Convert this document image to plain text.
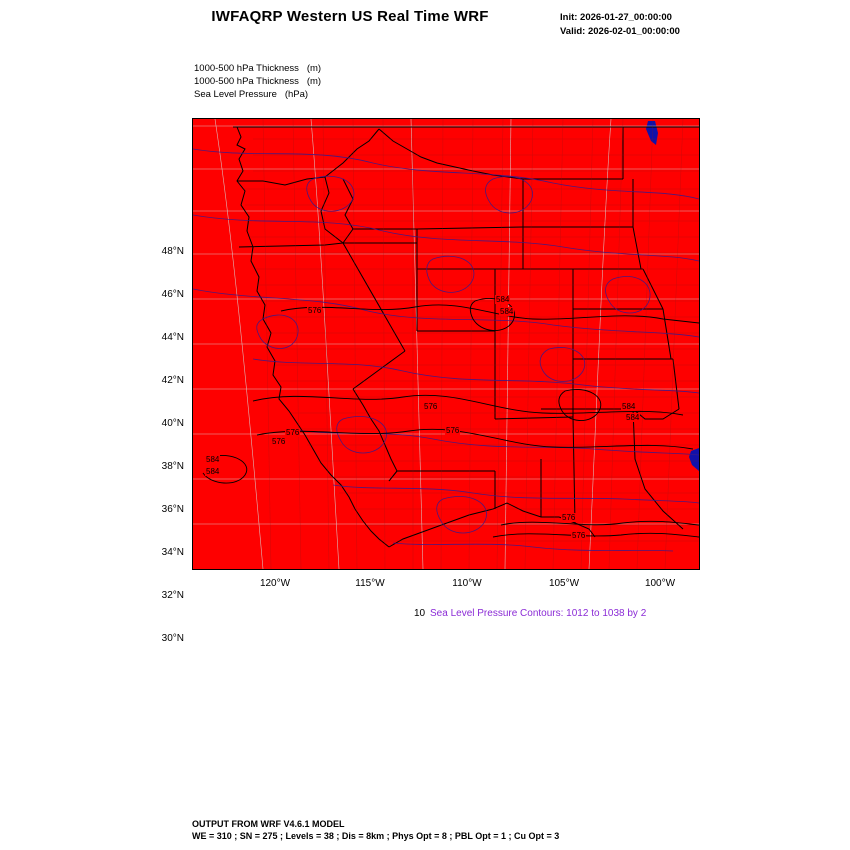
IWFAQRP Western US Real Time WRF	Init: 2026-01-27_00:00:00
Valid: 2026-02-01_00:00:00
1000-500 hPa Thickness   (m)
1000-500 hPa Thickness   (m)
Sea Level Pressure   (hPa)
576
576
576
576
576
576
576
584
584
584
584
584
584
48°N
46°N
44°N
42°N
40°N
38°N
36°N
34°N
32°N
30°N
120°W	115°W	110°W	105°W	100°W
10 Sea Level Pressure Contours: 1012 to 1038 by 2
OUTPUT FROM WRF V4.6.1 MODEL
WE = 310 ; SN = 275 ; Levels = 38 ; Dis = 8km ; Phys Opt = 8 ; PBL Opt = 1 ; Cu Opt = 3
